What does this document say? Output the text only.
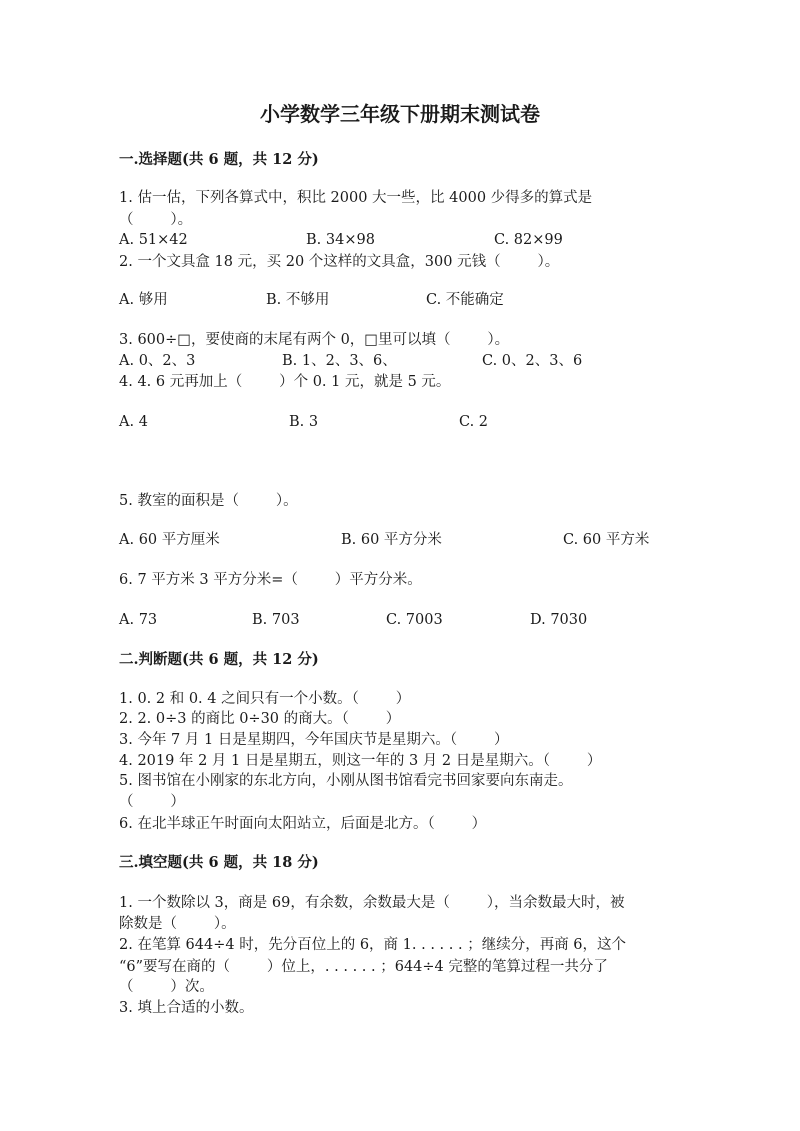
小学数学三年级下册期末测试卷

一.选择题(共 6 题，共 12 分)

1. 估一估，下列各算式中，积比 2000 大一些，比 4000 少得多的算式是

（        ）。

A. 51×42	B. 34×98	C. 82×99

2. 一个文具盒 18 元，买 20 个这样的文具盒，300 元钱（        ）。

A. 够用	B. 不够用	C. 不能确定

3. 600÷□，要使商的末尾有两个 0，□里可以填（        ）。

A. 0、2、3	B. 1、2、3、6、	C. 0、2、3、6

4. 4. 6 元再加上（        ）个 0. 1 元，就是 5 元。

A. 4	B. 3	C. 2

5. 教室的面积是（        ）。

A. 60 平方厘米	B. 60 平方分米	C. 60 平方米

6. 7 平方米 3 平方分米=（        ）平方分米。

A. 73	B. 703	C. 7003	D. 7030

二.判断题(共 6 题，共 12 分)

1. 0. 2 和 0. 4 之间只有一个小数。（        ）

2. 2. 0÷3 的商比 0÷30 的商大。（        ）

3. 今年 7 月 1 日是星期四，今年国庆节是星期六。（        ）

4. 2019 年 2 月 1 日是星期五，则这一年的 3 月 2 日是星期六。（        ）

5. 图书馆在小刚家的东北方向，小刚从图书馆看完书回家要向东南走。

（        ）

6. 在北半球正午时面向太阳站立，后面是北方。（        ）

三.填空题(共 6 题，共 18 分)

1. 一个数除以 3，商是 69，有余数，余数最大是（        ），当余数最大时，被

除数是（        ）。

2. 在笔算 644÷4 时，先分百位上的 6，商 1. . . . . . ；继续分，再商 6，这个

“6”要写在商的（        ）位上，. . . . . . ；644÷4 完整的笔算过程一共分了

（        ）次。

3. 填上合适的小数。
